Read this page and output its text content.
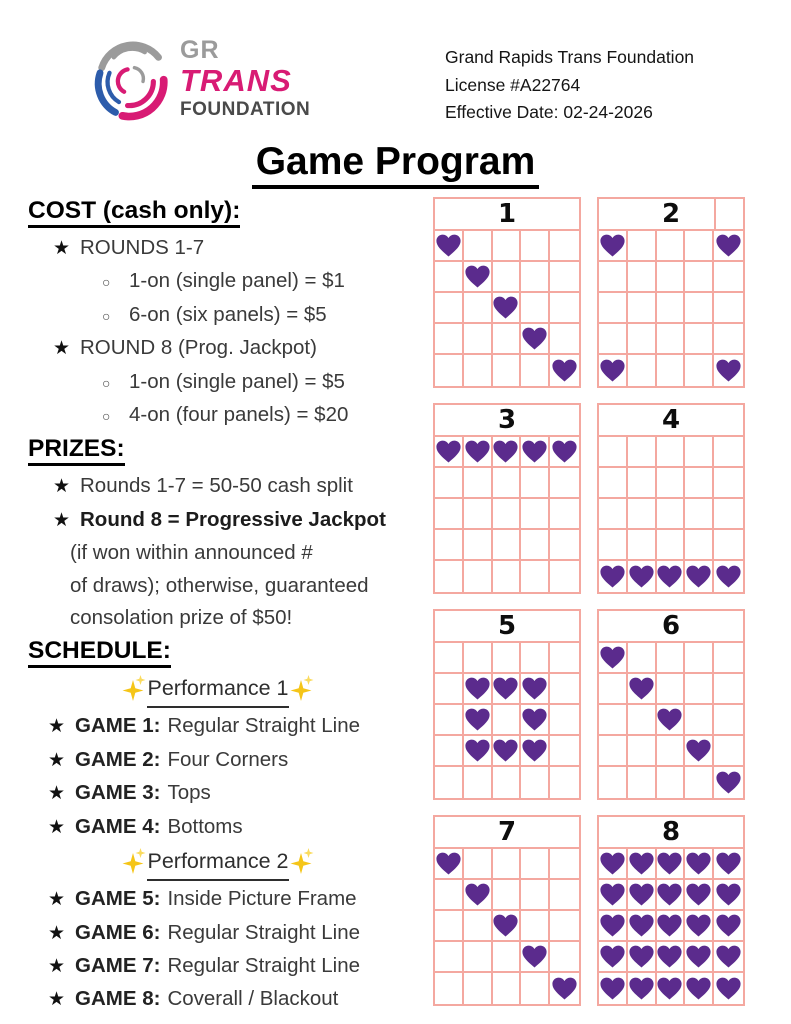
GR
TRANS
FOUNDATION
Grand Rapids Trans Foundation
License #A22764
Effective Date: 02-24-2026
Game Program
COST (cash only):
★ ROUNDS 1-7
○ 1-on (single panel) = $1
○ 6-on (six panels) = $5
★ ROUND 8 (Prog. Jackpot)
○ 1-on (single panel) = $5
○ 4-on (four panels) = $20
PRIZES:
★ Rounds 1-7 = 50-50 cash split
★ Round 8 = Progressive Jackpot
(if won within announced #
of draws); otherwise, guaranteed
consolation prize of $50!
SCHEDULE:
Performance 1
★ GAME 1: Regular Straight Line
★ GAME 2: Four Corners
★ GAME 3: Tops
★ GAME 4: Bottoms
Performance 2
★ GAME 5: Inside Picture Frame
★ GAME 6: Regular Straight Line
★ GAME 7: Regular Straight Line
★ GAME 8: Coverall / Blackout
1	2
3	4
5	6
7	8
